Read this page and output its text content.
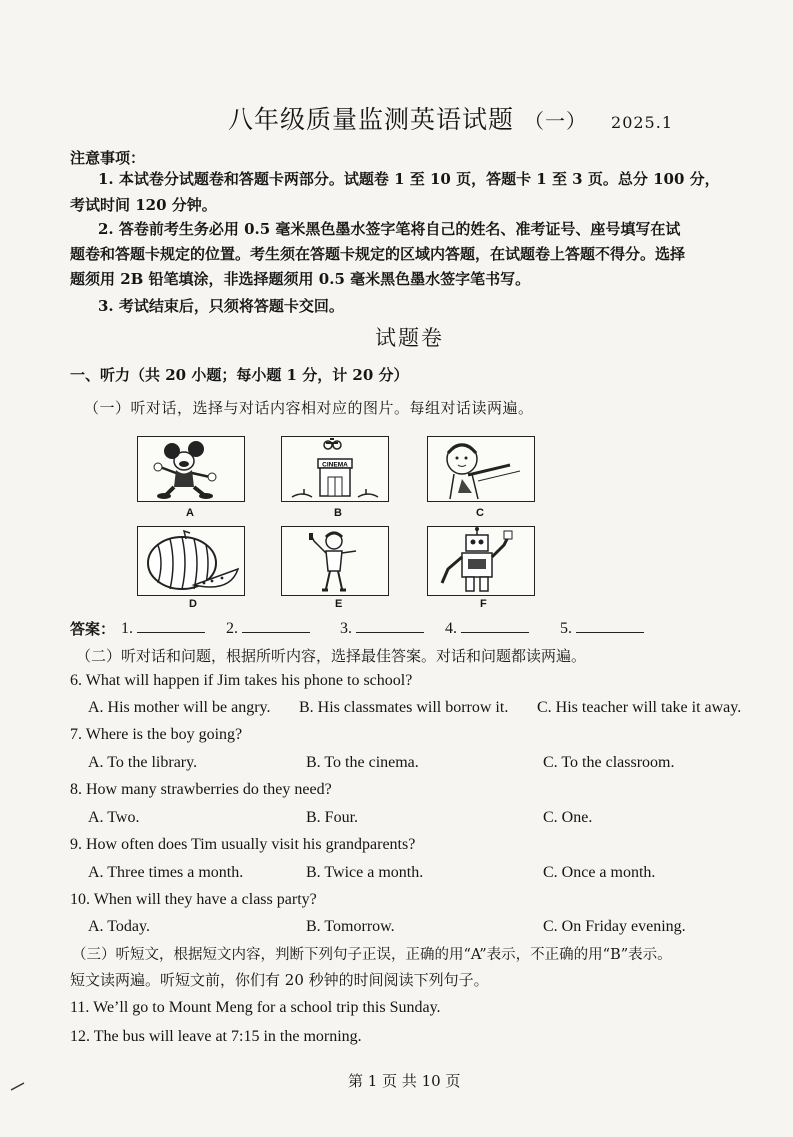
八年级质量监测英语试题 （一） 2025.1
注意事项：
1. 本试卷分试题卷和答题卡两部分。试题卷 1 至 10 页，答题卡 1 至 3 页。总分 100 分，
考试时间 120 分钟。
2. 答卷前考生务必用 0.5 毫米黑色墨水签字笔将自己的姓名、准考证号、座号填写在试
题卷和答题卡规定的位置。考生须在答题卡规定的区域内答题，在试题卷上答题不得分。选择
题须用 2B 铅笔填涂，非选择题须用 0.5 毫米黑色墨水签字笔书写。
3. 考试结束后，只须将答题卡交回。
试题卷
一、听力（共 20 小题；每小题 1 分，计 20 分）
（一）听对话，选择与对话内容相对应的图片。每组对话读两遍。
A
CINEMA
B	C
D	E	F
答案： 1.	2.	3.	4.	5.
（二）听对话和问题，根据所听内容，选择最佳答案。对话和问题都读两遍。
6. What will happen if Jim takes his phone to school?
A. His mother will be angry. B. His classmates will borrow it. C. His teacher will take it away.
7. Where is the boy going?
A. To the library.	B. To the cinema.	C. To the classroom.
8. How many strawberries do they need?
A. Two.	B. Four.	C. One.
9. How often does Tim usually visit his grandparents?
A. Three times a month.	B. Twice a month.	C. Once a month.
10. When will they have a class party?
A. Today.	B. Tomorrow.	C. On Friday evening.
（三）听短文，根据短文内容，判断下列句子正误，正确的用“A”表示，不正确的用“B”表示。
短文读两遍。听短文前，你们有 20 秒钟的时间阅读下列句子。
11. We’ll go to Mount Meng for a school trip this Sunday.
12. The bus will leave at 7:15 in the morning.
第 1 页 共 10 页
